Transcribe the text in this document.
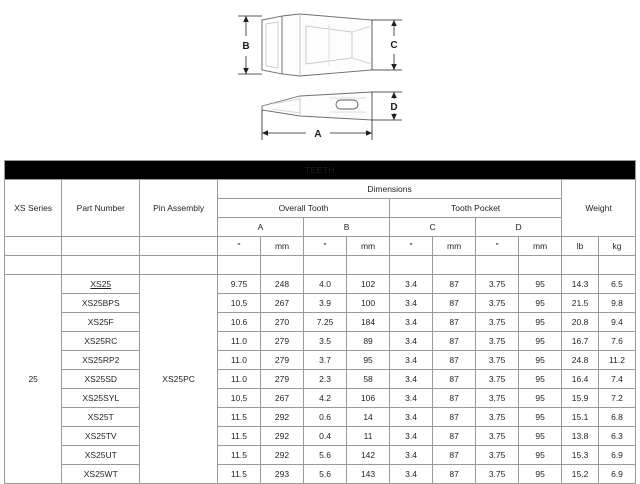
B	C
A
D
TEETH												
XS Series	Part Number	Pin Assembly	Dimensions								Weight	
			Overall Tooth				Tooth Pocket					
			A		B		C		D			
			"	mm	"	mm	"	mm	"	mm	lb	kg

25	XS25	XS25PC	9.75	248	4.0	102	3.4	87	3.75	95	14.3	6.5
	XS25BPS		10.5	267	3.9	100	3.4	87	3.75	95	21.5	9.8
	XS25F		10.6	270	7.25	184	3.4	87	3.75	95	20.8	9.4
	XS25RC		11.0	279	3.5	89	3.4	87	3.75	95	16.7	7.6
	XS25RP2		11.0	279	3.7	95	3.4	87	3.75	95	24.8	11.2
	XS25SD		11.0	279	2.3	58	3.4	87	3.75	95	16.4	7.4
	XS25SYL		10.5	267	4.2	106	3.4	87	3.75	95	15.9	7.2
	XS25T		11.5	292	0.6	14	3.4	87	3.75	95	15.1	6.8
	XS25TV		11.5	292	0.4	11	3.4	87	3.75	95	13.8	6.3
	XS25UT		11.5	292	5.6	142	3.4	87	3.75	95	15.3	6.9
	XS25WT		11.5	293	5.6	143	3.4	87	3.75	95	15.2	6.9
